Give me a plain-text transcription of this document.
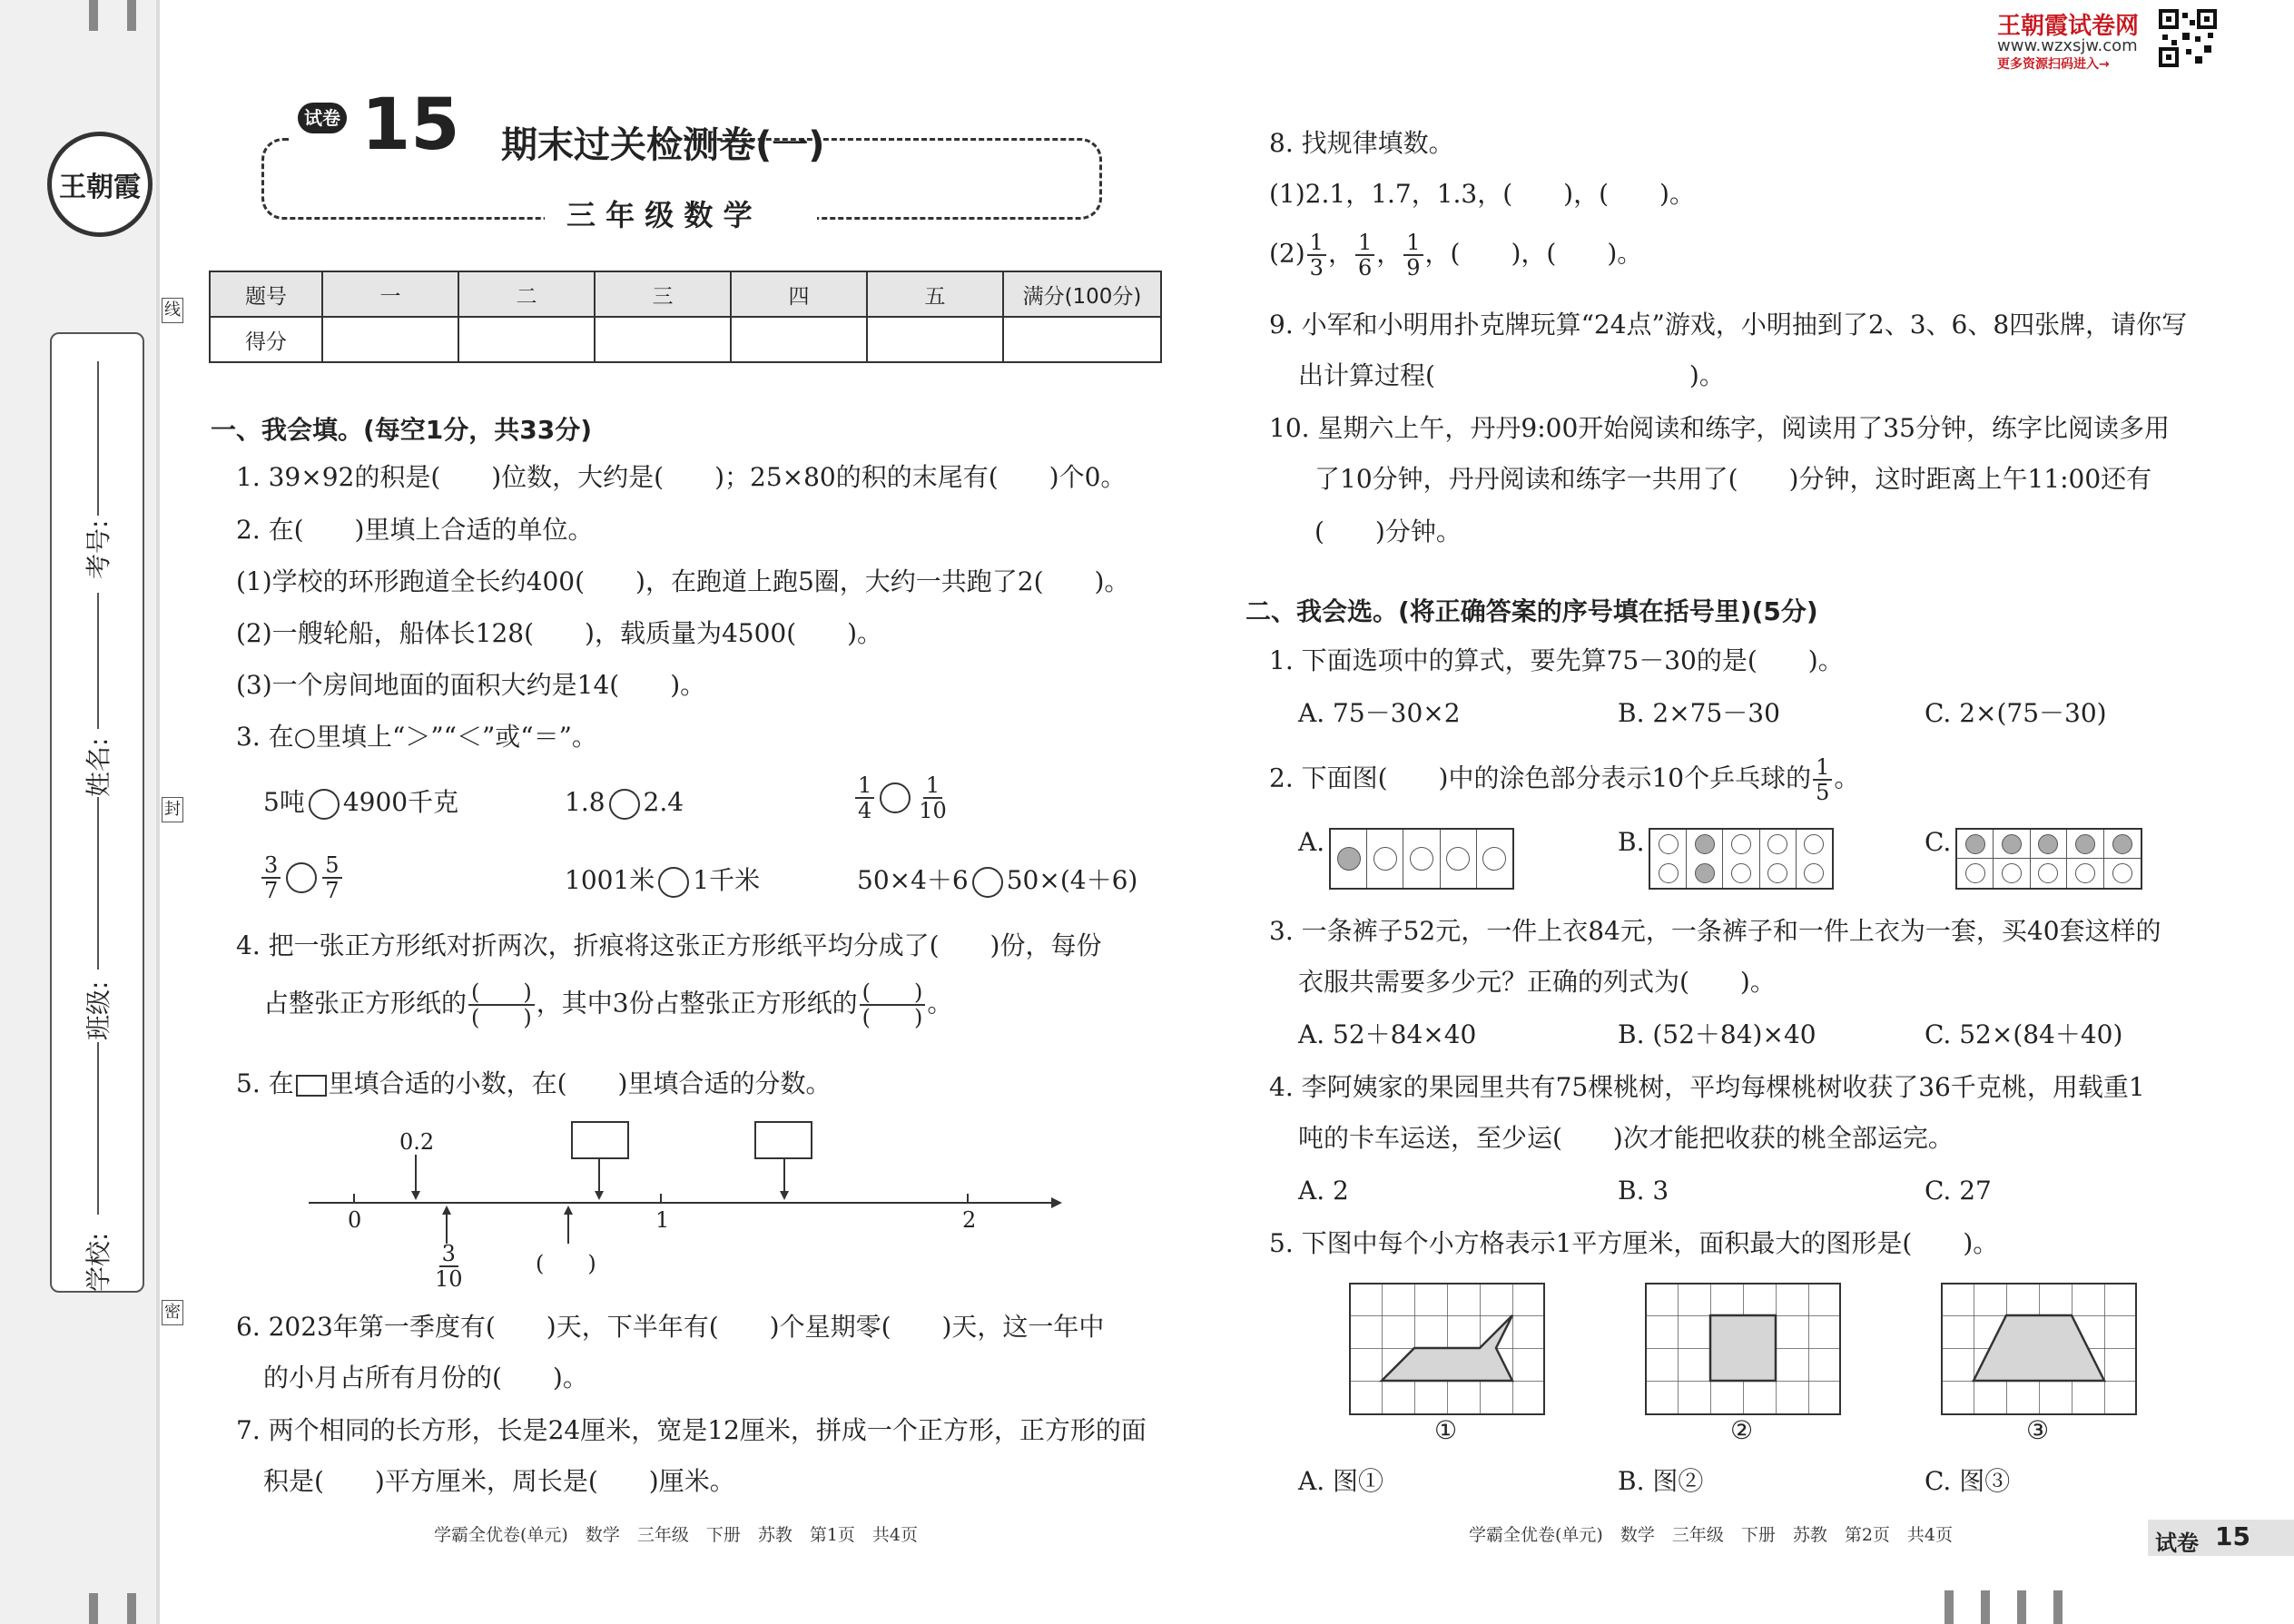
王朝霞
考号:
姓名:
班级:
学校:
线
封
密
试卷 15 期末过关检测卷(一)
三 年 级 数 学
题号	一	二	三	四	五	满分(100分)
得分						
一、我会填。(每空1分，共33分)
1. 39×92的积是(　　)位数，大约是(　　)；25×80的积的末尾有(　　)个0。
2. 在(　　)里填上合适的单位。
(1)学校的环形跑道全长约400(　　)，在跑道上跑5圈，大约一共跑了2(　　)。
(2)一艘轮船，船体长128(　　)，载质量为4500(　　)。
(3)一个房间地面的面积大约是14(　　)。
3. 在○里填上“＞”“＜”或“＝”。
5吨 4900千克	1.8 2.4	$\frac{1}{4} \frac{1}{10}$
$\frac{3}{7} \frac{5}{7}$	1001米 1千米	50×4＋6 50×(4＋6)
4. 把一张正方形纸对折两次，折痕将这张正方形纸平均分成了(　　)份，每份
占整张正方形纸的 $\frac{( )}{( )}$ ，其中3份占整张正方形纸的 $\frac{( )}{( )}$ 。
5. 在 里填合适的小数，在(　　)里填合适的分数。
0.2
0	1	2
$\frac{3}{10}$	(　　)
6. 2023年第一季度有(　　)天，下半年有(　　)个星期零(　　)天，这一年中
的小月占所有月份的(　　)。
7. 两个相同的长方形，长是24厘米，宽是12厘米，拼成一个正方形，正方形的面
积是(　　)平方厘米，周长是(　　)厘米。
学霸全优卷(单元)　数学　三年级　下册　苏教　第1页　共4页
王朝霞试卷网
www.wzxsjw.com
更多资源扫码进入→
8. 找规律填数。
(1)2.1，1.7，1.3，(　　)，(　　)。
$(2) \frac{1}{3}$ ， $\frac{1}{6}$ ， $\frac{1}{9}$ ，(　　)，(　　)。
9. 小军和小明用扑克牌玩算“24点”游戏，小明抽到了2、3、6、8四张牌，请你写
出计算过程(　　　　　　　　　　)。
10. 星期六上午，丹丹9:00开始阅读和练字，阅读用了35分钟，练字比阅读多用
了10分钟，丹丹阅读和练字一共用了(　　)分钟，这时距离上午11:00还有
(　　)分钟。
二、我会选。(将正确答案的序号填在括号里)(5分)
1. 下面选项中的算式，要先算75－30的是(　　)。
A. 75－30×2	B. 2×75－30	C. 2×(75－30)
2. 下面图(　　)中的涂色部分表示10个乒乓球的 $\frac{1}{5}$ 。
A.	B.	C.
3. 一条裤子52元，一件上衣84元，一条裤子和一件上衣为一套，买40套这样的
衣服共需要多少元？正确的列式为(　　)。
A. 52＋84×40	B. (52＋84)×40	C. 52×(84＋40)
4. 李阿姨家的果园里共有75棵桃树，平均每棵桃树收获了36千克桃，用载重1
吨的卡车运送，至少运(　　)次才能把收获的桃全部运完。
A. 2	B. 3	C. 27
5. 下图中每个小方格表示1平方厘米，面积最大的图形是(　　)。
①	②	③
A. 图①	B. 图②	C. 图③
学霸全优卷(单元)　数学　三年级　下册　苏教　第2页　共4页	试卷 15
